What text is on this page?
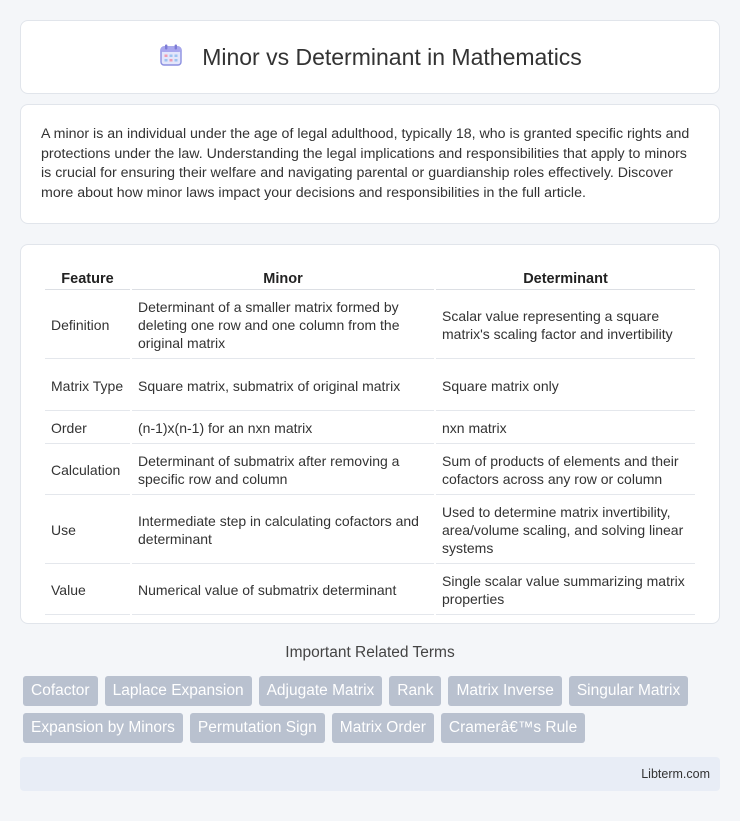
Minor vs Determinant in Mathematics

A minor is an individual under the age of legal adulthood, typically 18, who is granted specific rights and protections under the law. Understanding the legal implications and responsibilities that apply to minors is crucial for ensuring their welfare and navigating parental or guardianship roles effectively. Discover more about how minor laws impact your decisions and responsibilities in the full article.

Feature	Minor	Determinant
Definition	Determinant of a smaller matrix formed by deleting one row and one column from the original matrix	Scalar value representing a square matrix's scaling factor and invertibility
Matrix Type	Square matrix, submatrix of original matrix	Square matrix only
Order	(n-1)x(n-1) for an nxn matrix	nxn matrix
Calculation	Determinant of submatrix after removing a specific row and column	Sum of products of elements and their cofactors across any row or column
Use	Intermediate step in calculating cofactors and determinant	Used to determine matrix invertibility, area/volume scaling, and solving linear systems
Value	Numerical value of submatrix determinant	Single scalar value summarizing matrix properties
Important Related Terms
Cofactor	Laplace Expansion	Adjugate Matrix	Rank	Matrix Inverse	Singular Matrix
Expansion by Minors	Permutation Sign	Matrix Order	Cramerâ€™s Rule
Libterm.com
